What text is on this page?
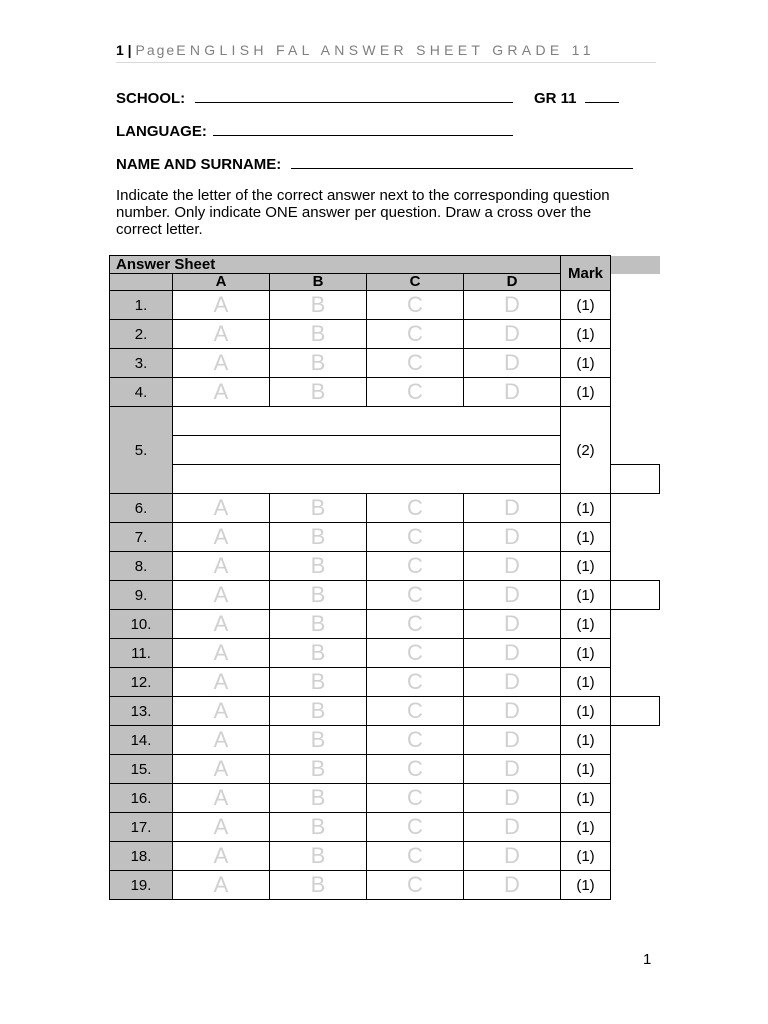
1 | PageENGLISH FAL ANSWER SHEET GRADE 11
SCHOOL:	GR 11
LANGUAGE:
NAME AND SURNAME:
Indicate the letter of the correct answer next to the corresponding question number. Only indicate ONE answer per question. Draw a cross over the correct letter.
Answer Sheet					Mark	
	A	B	C	D		
1.	A	B	C	D	(1)	
2.	A	B	C	D	(1)	
3.	A	B	C	D	(1)	
4.	A	B	C	D	(1)	
5.					(2)	

6.	A	B	C	D	(1)	
7.	A	B	C	D	(1)	
8.	A	B	C	D	(1)	
9.	A	B	C	D	(1)	
10.	A	B	C	D	(1)	
11.	A	B	C	D	(1)	
12.	A	B	C	D	(1)	
13.	A	B	C	D	(1)	
14.	A	B	C	D	(1)	
15.	A	B	C	D	(1)	
16.	A	B	C	D	(1)	
17.	A	B	C	D	(1)	
18.	A	B	C	D	(1)	
19.	A	B	C	D	(1)	
1
